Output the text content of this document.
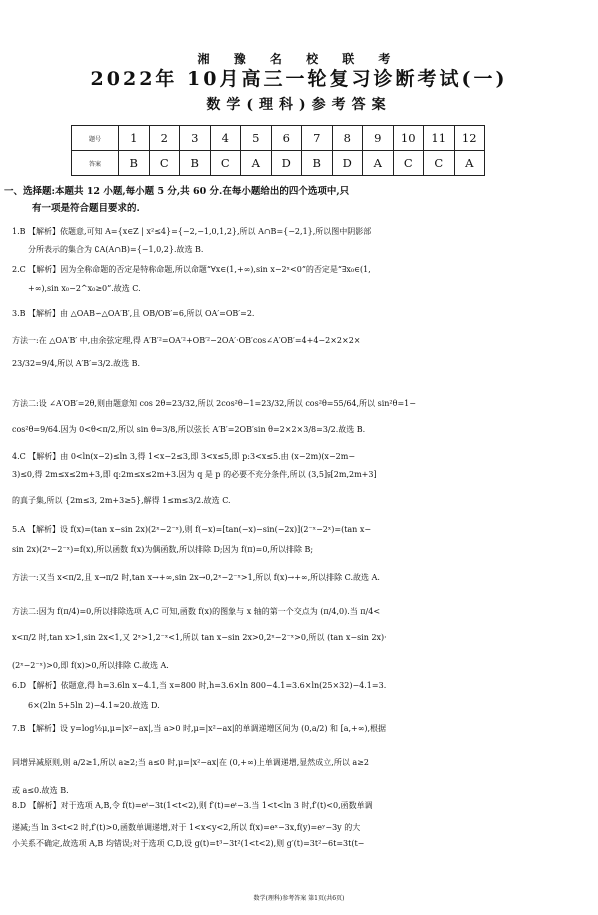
湘 豫 名 校 联 考
2022年 10月高三一轮复习诊断考试(一)
数学(理科)参考答案
题号	1	2	3	4	5	6	7	8	9	10	11	12
答案	B	C	B	C	A	D	B	D	A	C	C	A
一、选择题:本题共 12 小题,每小题 5 分,共 60 分.在每小题给出的四个选项中,只
有一项是符合题目要求的.
1.B 【解析】依题意,可知 A={x∈Z | x²≤4}={−2,−1,0,1,2},所以 A∩B={−2,1},所以图中阴影部
分所表示的集合为 ∁A(A∩B)={−1,0,2}.故选 B.
2.C 【解析】因为全称命题的否定是特称命题,所以命题“∀x∈(1,+∞),sin x−2ˣ<0”的否定是“∃x₀∈(1,
+∞),sin x₀−2^x₀≥0”.故选 C.
3.B 【解析】由 △OAB∽△OA′B′,且 OB/OB′=6,所以 OA′=OB′=2.
方法一:在 △OA′B′ 中,由余弦定理,得 A′B′²=OA′²+OB′²−2OA′·OB′cos∠A′OB′=4+4−2×2×2×
23/32=9/4,所以 A′B′=3/2.故选 B.
方法二:设 ∠A′OB′=2θ,则由题意知 cos 2θ=23/32,所以 2cos²θ−1=23/32,所以 cos²θ=55/64,所以 sin²θ=1−
cos²θ=9/64.因为 0<θ<π/2,所以 sin θ=3/8,所以弦长 A′B′=2OB′sin θ=2×2×3/8=3/2.故选 B.
4.C 【解析】由 0<ln(x−2)≤ln 3,得 1<x−2≤3,即 3<x≤5,即 p:3<x≤5.由 (x−2m)(x−2m−
3)≤0,得 2m≤x≤2m+3,即 q:2m≤x≤2m+3.因为 q 是 p 的必要不充分条件,所以 (3,5]⫋[2m,2m+3]
的真子集,所以 {2m≤3, 2m+3≥5},解得 1≤m≤3/2.故选 C.
5.A 【解析】设 f(x)=(tan x−sin 2x)(2ˣ−2⁻ˣ),则 f(−x)=[tan(−x)−sin(−2x)](2⁻ˣ−2ˣ)=(tan x−
sin 2x)(2ˣ−2⁻ˣ)=f(x),所以函数 f(x)为偶函数,所以排除 D;因为 f(π)=0,所以排除 B;
方法一:又当 x<π/2,且 x→π/2 时,tan x→+∞,sin 2x→0,2ˣ−2⁻ˣ>1,所以 f(x)→+∞,所以排除 C.故选 A.
方法二:因为 f(π/4)=0,所以排除选项 A,C 可知,函数 f(x)的图象与 x 轴的第一个交点为 (π/4,0).当 π/4<
x<π/2 时,tan x>1,sin 2x<1,又 2ˣ>1,2⁻ˣ<1,所以 tan x−sin 2x>0,2ˣ−2⁻ˣ>0,所以 (tan x−sin 2x)·
(2ˣ−2⁻ˣ)>0,即 f(x)>0,所以排除 C.故选 A.
6.D 【解析】依题意,得 h=3.6ln x−4.1,当 x=800 时,h=3.6×ln 800−4.1=3.6×ln(25×32)−4.1=3.
6×(2ln 5+5ln 2)−4.1≈20.故选 D.
7.B 【解析】设 y=log½μ,μ=|x²−ax|,当 a>0 时,μ=|x²−ax|的单调递增区间为 (0,a/2) 和 [a,+∞),根据
同增异减原则,则 a/2≥1,所以 a≥2;当 a≤0 时,μ=|x²−ax|在 (0,+∞)上单调递增,显然成立,所以 a≥2
或 a≤0.故选 B.
8.D 【解析】对于选项 A,B,令 f(t)=eᵗ−3t(1<t<2),则 f′(t)=eᵗ−3.当 1<t<ln 3 时,f′(t)<0,函数单调
递减;当 ln 3<t<2 时,f′(t)>0,函数单调递增,对于 1<x<y<2,所以 f(x)=eˣ−3x,f(y)=eʸ−3y 的大
小关系不确定,故选项 A,B 均错误;对于选项 C,D,设 g(t)=t³−3t²(1<t<2),则 g′(t)=3t²−6t=3t(t−
数学(理科)参考答案 第1页(共6页)
